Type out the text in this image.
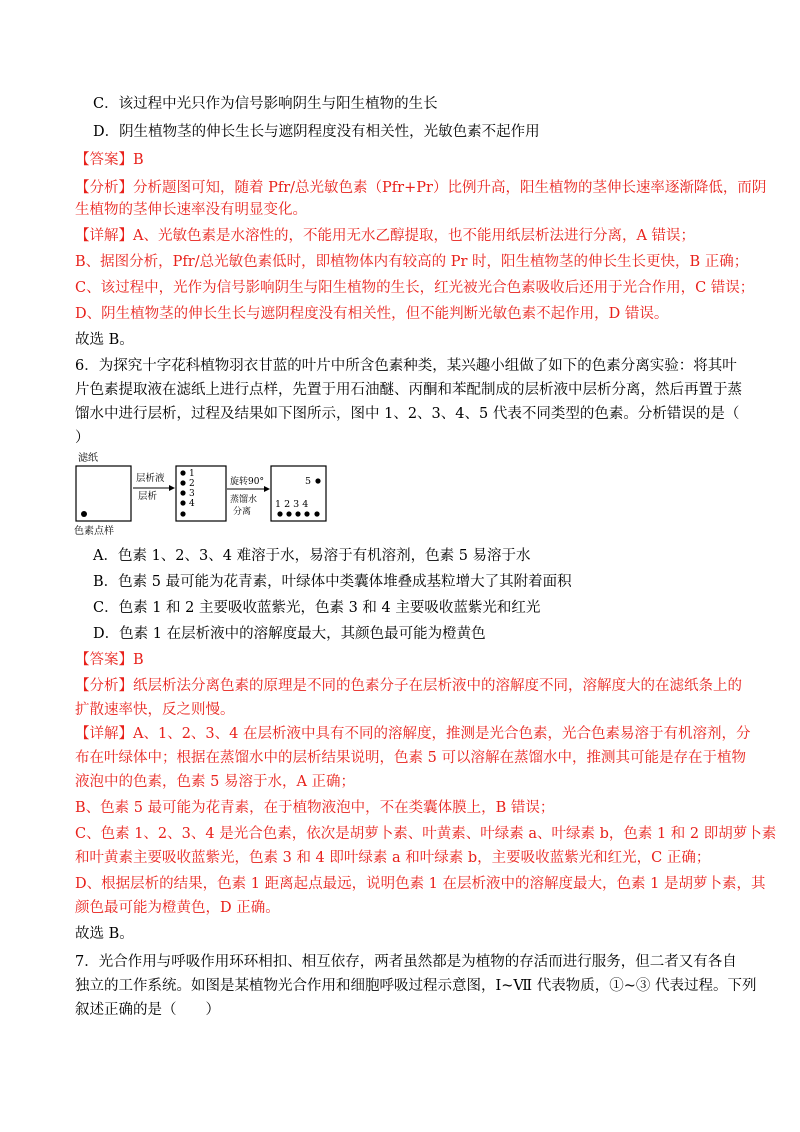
C．该过程中光只作为信号影响阴生与阳生植物的生长
D．阴生植物茎的伸长生长与遮阴程度没有相关性，光敏色素不起作用
【答案】B
【分析】分析题图可知，随着 Pfr/总光敏色素（Pfr+Pr）比例升高，阳生植物的茎伸长速率逐渐降低，而阴
生植物的茎伸长速率没有明显变化。
【详解】A、光敏色素是水溶性的，不能用无水乙醇提取，也不能用纸层析法进行分离，A 错误；
B、据图分析，Pfr/总光敏色素低时，即植物体内有较高的 Pr 时，阳生植物茎的伸长生长更快，B 正确；
C、该过程中，光作为信号影响阴生与阳生植物的生长，红光被光合色素吸收后还用于光合作用，C 错误；
D、阴生植物茎的伸长生长与遮阴程度没有相关性，但不能判断光敏色素不起作用，D 错误。
故选 B。
6．为探究十字花科植物羽衣甘蓝的叶片中所含色素种类，某兴趣小组做了如下的色素分离实验：将其叶
片色素提取液在滤纸上进行点样，先置于用石油醚、丙酮和苯配制成的层析液中层析分离，然后再置于蒸
馏水中进行层析，过程及结果如下图所示，图中 1、2、3、4、5 代表不同类型的色素。分析错误的是（
）
滤纸
色素点样
层析液
层析
1
2
3
4
旋转90°
蒸馏水
分离
5
1 2 3 4
A．色素 1、2、3、4 难溶于水，易溶于有机溶剂，色素 5 易溶于水
B．色素 5 最可能为花青素，叶绿体中类囊体堆叠成基粒增大了其附着面积
C．色素 1 和 2 主要吸收蓝紫光，色素 3 和 4 主要吸收蓝紫光和红光
D．色素 1 在层析液中的溶解度最大，其颜色最可能为橙黄色
【答案】B
【分析】纸层析法分离色素的原理是不同的色素分子在层析液中的溶解度不同，溶解度大的在滤纸条上的
扩散速率快，反之则慢。
【详解】A、1、2、3、4 在层析液中具有不同的溶解度，推测是光合色素，光合色素易溶于有机溶剂，分
布在叶绿体中；根据在蒸馏水中的层析结果说明，色素 5 可以溶解在蒸馏水中，推测其可能是存在于植物
液泡中的色素，色素 5 易溶于水，A 正确；
B、色素 5 最可能为花青素，在于植物液泡中，不在类囊体膜上，B 错误；
C、色素 1、2、3、4 是光合色素，依次是胡萝卜素、叶黄素、叶绿素 a、叶绿素 b，色素 1 和 2 即胡萝卜素
和叶黄素主要吸收蓝紫光，色素 3 和 4 即叶绿素 a 和叶绿素 b，主要吸收蓝紫光和红光，C 正确；
D、根据层析的结果，色素 1 距离起点最远，说明色素 1 在层析液中的溶解度最大，色素 1 是胡萝卜素，其
颜色最可能为橙黄色，D 正确。
故选 B。
7．光合作用与呼吸作用环环相扣、相互依存，两者虽然都是为植物的存活而进行服务，但二者又有各自
独立的工作系统。如图是某植物光合作用和细胞呼吸过程示意图，Ⅰ~Ⅶ 代表物质，①~③ 代表过程。下列
叙述正确的是（　　）
